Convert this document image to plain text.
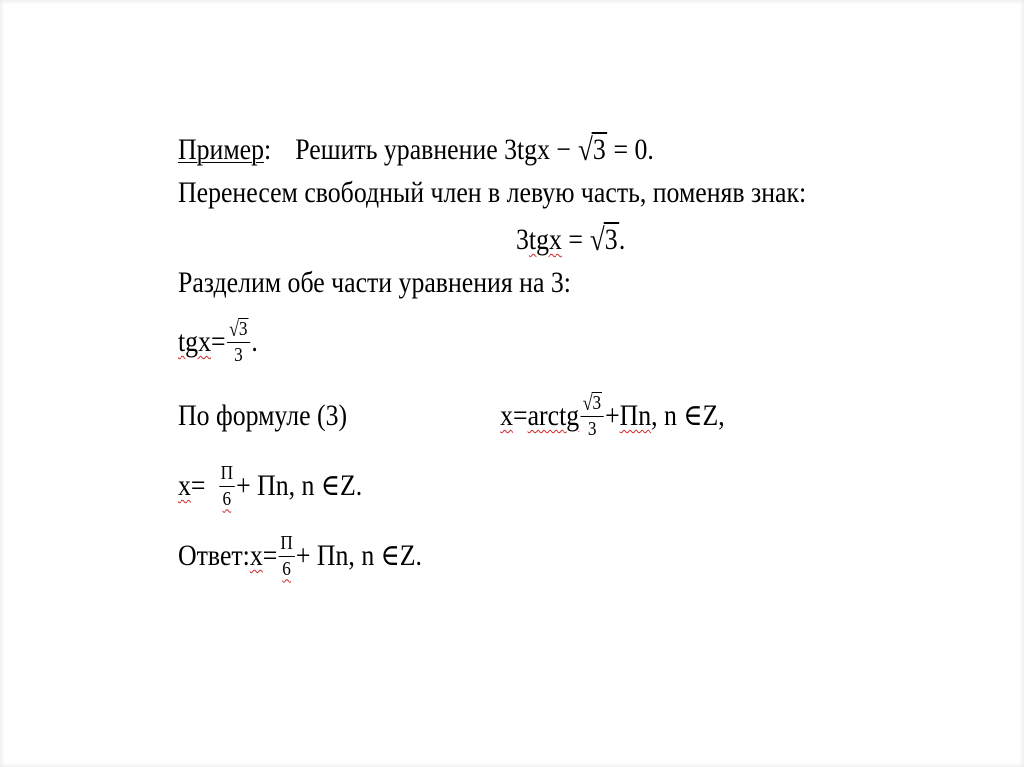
Пример: Решить уравнение 3tgx − √3 = 0.
Перенесем свободный член в левую часть, поменяв знак:
3tgx = √3.
Разделим обе части уравнения на 3:
tgx = $\frac{√3}{3}$ .
По формуле (3)	x = arctg $\frac{√3}{3}$ + Пn , n ∈Z,
$x = \frac{П}{6}$ + Пn, n ∈Z.
Ответ: $x = \frac{П}{6}$ + Пn, n ∈Z.
